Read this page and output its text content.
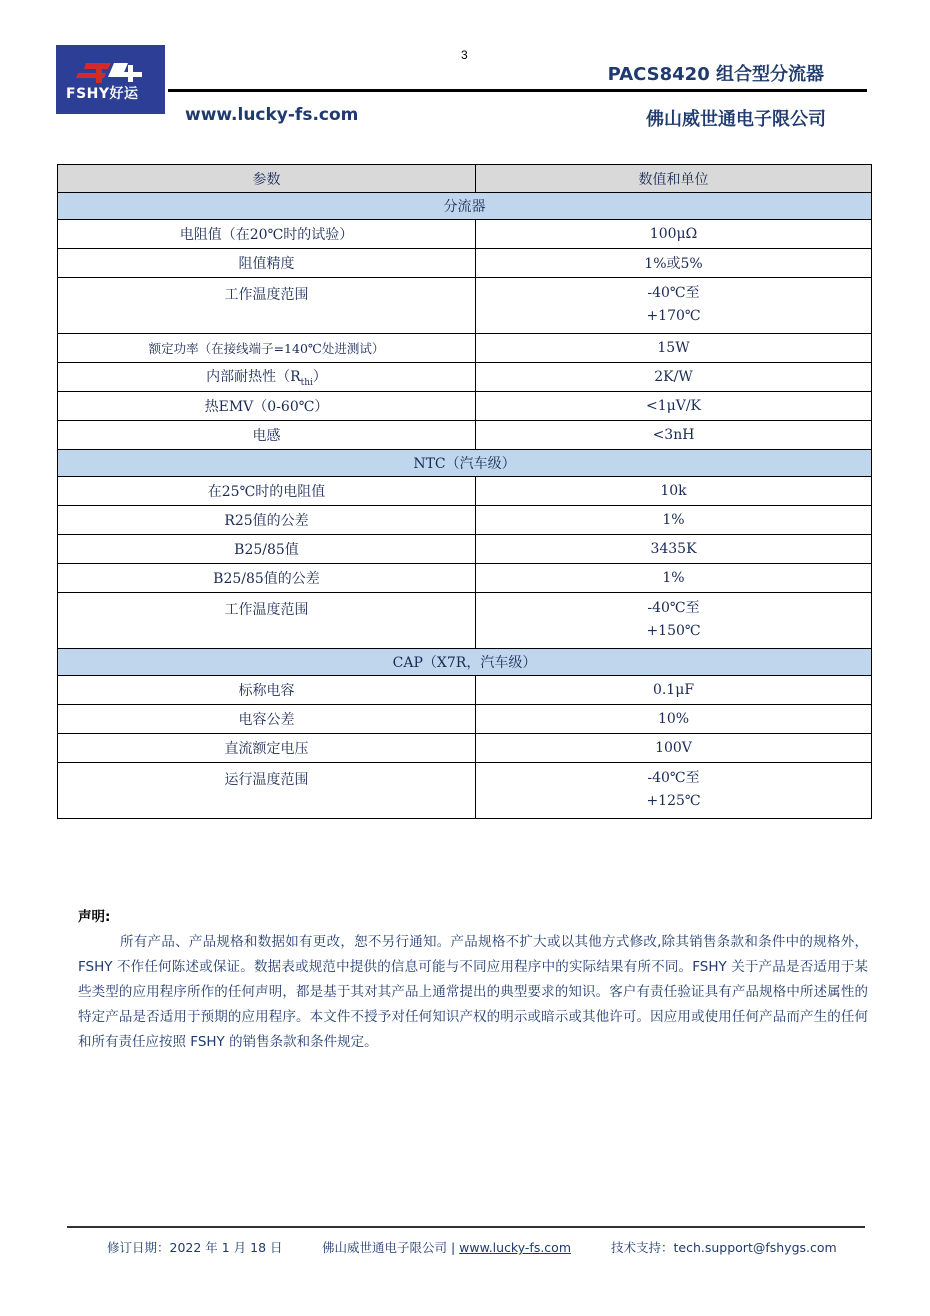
FSHY好运
3
PACS8420 组合型分流器
www.lucky-fs.com	佛山威世通电子限公司
参数	数值和单位
分流器	
电阻值（在20℃时的试验）	100μΩ
阻值精度	1%或5%
工作温度范围	-40℃至
+170℃

额定功率（在接线端子=140℃处进测试）	15W
内部耐热性$(R_{thi})$	2K/W
热EMV（0-60℃）	<1μV/K
电感	<3nH
NTC（汽车级）	
在25℃时的电阻值	10k
R25值的公差	1%
B25/85值	3435K
B25/85值的公差	1%
工作温度范围	-40℃至
+150℃

CAP（X7R，汽车级）	
标称电容	0.1μF
电容公差	10%
直流额定电压	100V
运行温度范围	-40℃至
+125℃
声明:
所有产品、产品规格和数据如有更改，恕不另行通知。产品规格不扩大或以其他方式修改,除其销售条款和条件中的规格外，FSHY 不作任何陈述或保证。数据表或规范中提供的信息可能与不同应用程序中的实际结果有所不同。FSHY 关于产品是否适用于某些类型的应用程序所作的任何声明，都是基于其对其产品上通常提出的典型要求的知识。客户有责任验证具有产品规格中所述属性的特定产品是否适用于预期的应用程序。本文件不授予对任何知识产权的明示或暗示或其他许可。因应用或使用任何产品而产生的任何和所有责任应按照 FSHY 的销售条款和条件规定。
修订日期：2022 年 1 月 18 日	佛山威世通电子限公司 | www.lucky-fs.com	技术支持：tech.support@fshygs.com
